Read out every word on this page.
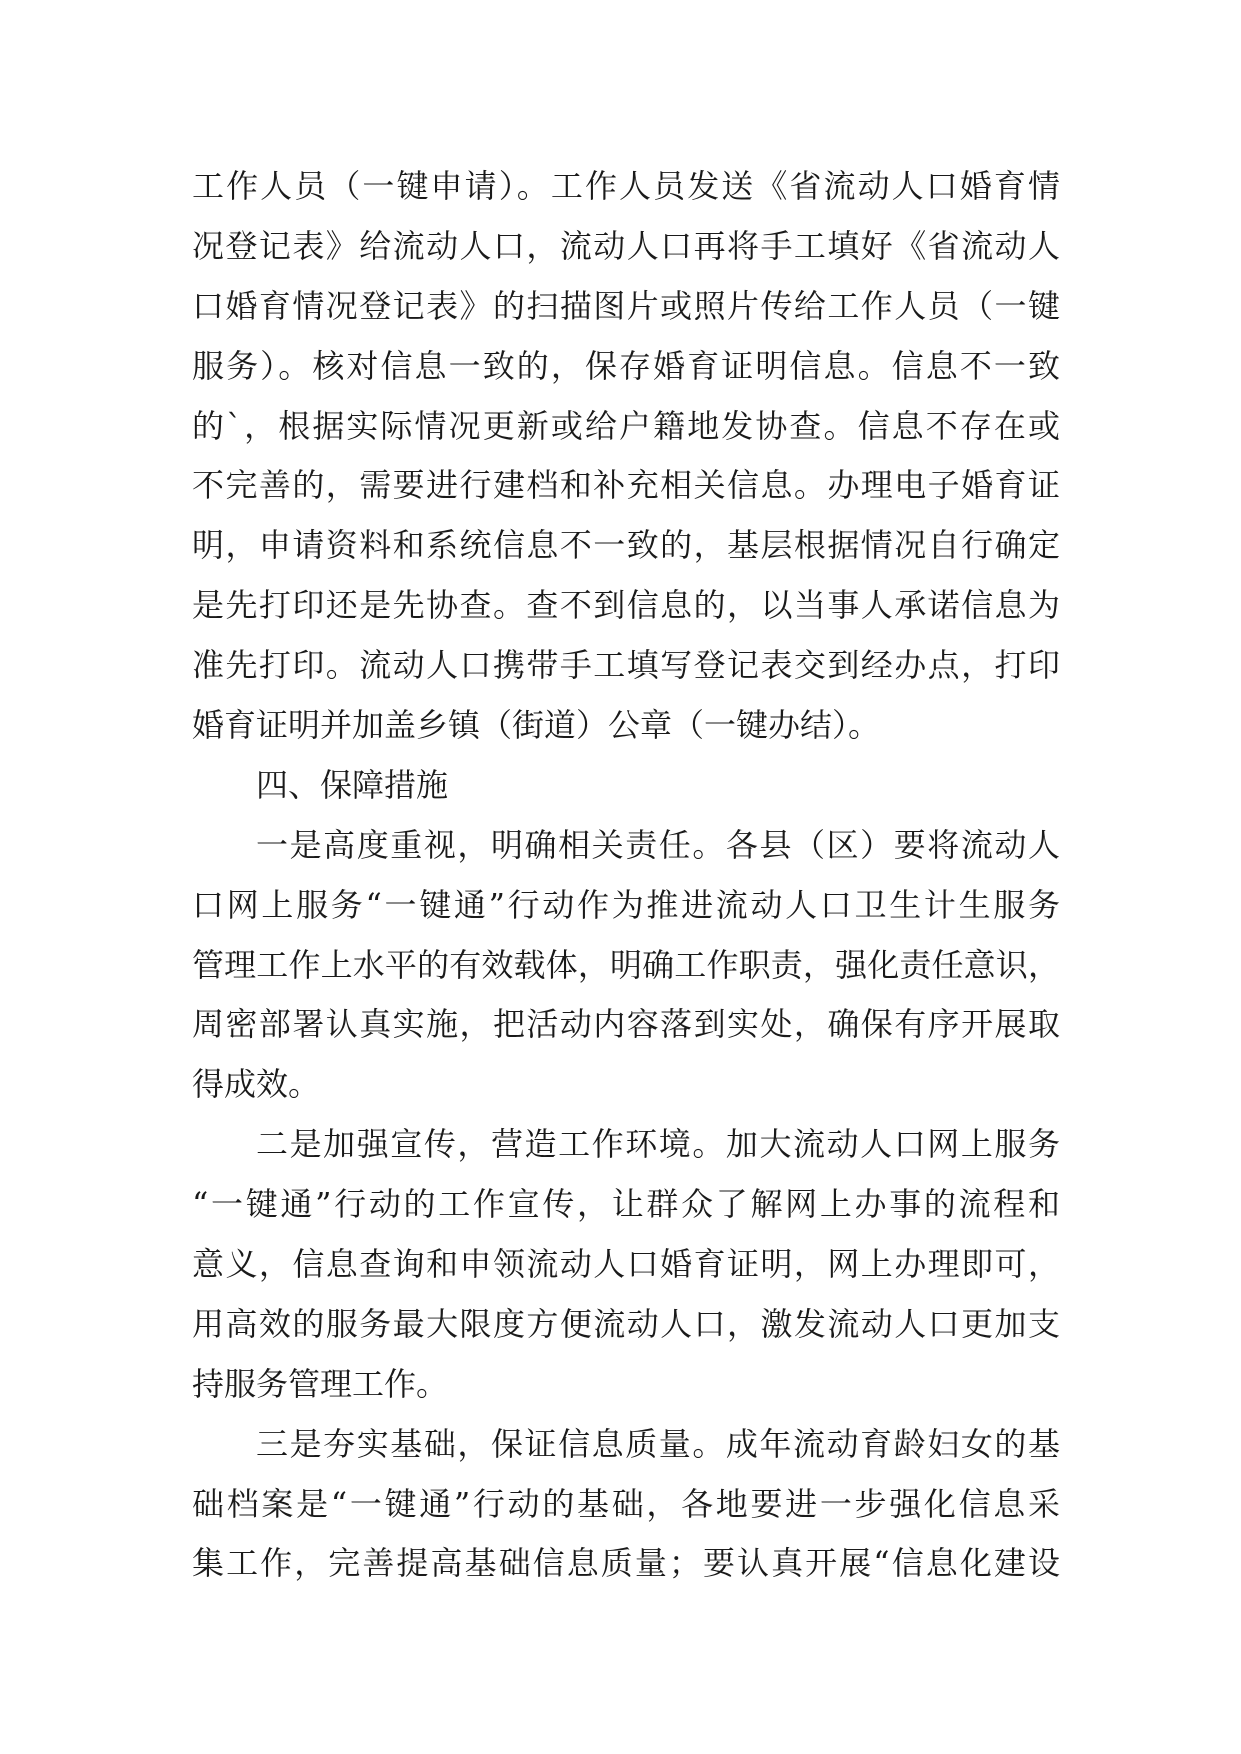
工作人员（一键申请）。工作人员发送《省流动人口婚育情
况登记表》给流动人口，流动人口再将手工填好《省流动人
口婚育情况登记表》的扫描图片或照片传给工作人员（一键
服务）。核对信息一致的，保存婚育证明信息。信息不一致
的`，根据实际情况更新或给户籍地发协查。信息不存在或
不完善的，需要进行建档和补充相关信息。办理电子婚育证
明，申请资料和系统信息不一致的，基层根据情况自行确定
是先打印还是先协查。查不到信息的，以当事人承诺信息为
准先打印。流动人口携带手工填写登记表交到经办点，打印
婚育证明并加盖乡镇（街道）公章（一键办结）。
四、保障措施
一是高度重视，明确相关责任。各县（区）要将流动人
口网上服务“一键通”行动作为推进流动人口卫生计生服务
管理工作上水平的有效载体，明确工作职责，强化责任意识，
周密部署认真实施，把活动内容落到实处，确保有序开展取
得成效。
二是加强宣传，营造工作环境。加大流动人口网上服务
“一键通”行动的工作宣传，让群众了解网上办事的流程和
意义，信息查询和申领流动人口婚育证明，网上办理即可，
用高效的服务最大限度方便流动人口，激发流动人口更加支
持服务管理工作。
三是夯实基础，保证信息质量。成年流动育龄妇女的基
础档案是“一键通”行动的基础，各地要进一步强化信息采
集工作，完善提高基础信息质量；要认真开展“信息化建设
